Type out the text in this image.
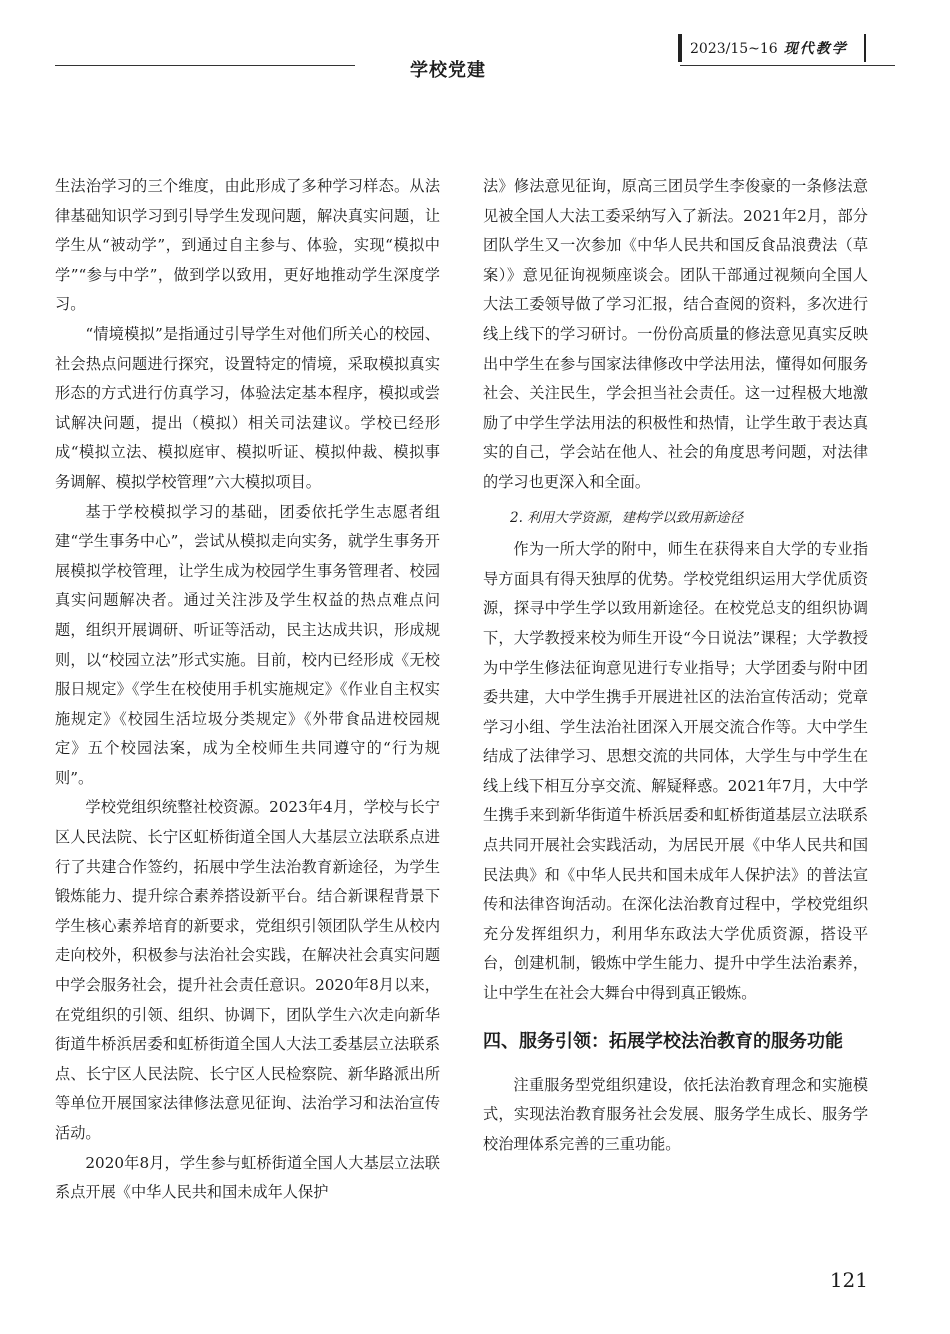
2023/15~16 现代教学
学校党建

生法治学习的三个维度，由此形成了多种学习样态。从法律基础知识学习到引导学生发现问题，解决真实问题，让学生从“被动学”，到通过自主参与、体验，实现“模拟中学”“参与中学”，做到学以致用，更好地推动学生深度学习。

“情境模拟”是指通过引导学生对他们所关心的校园、社会热点问题进行探究，设置特定的情境，采取模拟真实形态的方式进行仿真学习，体验法定基本程序，模拟或尝试解决问题，提出（模拟）相关司法建议。学校已经形成“模拟立法、模拟庭审、模拟听证、模拟仲裁、模拟事务调解、模拟学校管理”六大模拟项目。

基于学校模拟学习的基础，团委依托学生志愿者组建“学生事务中心”，尝试从模拟走向实务，就学生事务开展模拟学校管理，让学生成为校园学生事务管理者、校园真实问题解决者。通过关注涉及学生权益的热点难点问题，组织开展调研、听证等活动，民主达成共识，形成规则，以“校园立法”形式实施。目前，校内已经形成《无校服日规定》《学生在校使用手机实施规定》《作业自主权实施规定》《校园生活垃圾分类规定》《外带食品进校园规定》五个校园法案，成为全校师生共同遵守的“行为规则”。

学校党组织统整社校资源。2023年4月，学校与长宁区人民法院、长宁区虹桥街道全国人大基层立法联系点进行了共建合作签约，拓展中学生法治教育新途径，为学生锻炼能力、提升综合素养搭设新平台。结合新课程背景下学生核心素养培育的新要求，党组织引领团队学生从校内走向校外，积极参与法治社会实践，在解决社会真实问题中学会服务社会，提升社会责任意识。2020年8月以来，在党组织的引领、组织、协调下，团队学生六次走向新华街道牛桥浜居委和虹桥街道全国人大法工委基层立法联系点、长宁区人民法院、长宁区人民检察院、新华路派出所等单位开展国家法律修法意见征询、法治学习和法治宣传活动。

2020年8月，学生参与虹桥街道全国人大基层立法联系点开展《中华人民共和国未成年人保护

法》修法意见征询，原高三团员学生李俊豪的一条修法意见被全国人大法工委采纳写入了新法。2021年2月，部分团队学生又一次参加《中华人民共和国反食品浪费法（草案）》意见征询视频座谈会。团队干部通过视频向全国人大法工委领导做了学习汇报，结合查阅的资料，多次进行线上线下的学习研讨。一份份高质量的修法意见真实反映出中学生在参与国家法律修改中学法用法，懂得如何服务社会、关注民生，学会担当社会责任。这一过程极大地激励了中学生学法用法的积极性和热情，让学生敢于表达真实的自己，学会站在他人、社会的角度思考问题，对法律的学习也更深入和全面。

2. 利用大学资源，建构学以致用新途径

作为一所大学的附中，师生在获得来自大学的专业指导方面具有得天独厚的优势。学校党组织运用大学优质资源，探寻中学生学以致用新途径。在校党总支的组织协调下，大学教授来校为师生开设“今日说法”课程；大学教授为中学生修法征询意见进行专业指导；大学团委与附中团委共建，大中学生携手开展进社区的法治宣传活动；党章学习小组、学生法治社团深入开展交流合作等。大中学生结成了法律学习、思想交流的共同体，大学生与中学生在线上线下相互分享交流、解疑释惑。2021年7月，大中学生携手来到新华街道牛桥浜居委和虹桥街道基层立法联系点共同开展社会实践活动，为居民开展《中华人民共和国民法典》和《中华人民共和国未成年人保护法》的普法宣传和法律咨询活动。在深化法治教育过程中，学校党组织充分发挥组织力，利用华东政法大学优质资源，搭设平台，创建机制，锻炼中学生能力、提升中学生法治素养，让中学生在社会大舞台中得到真正锻炼。

四、服务引领：拓展学校法治教育的服务功能

注重服务型党组织建设，依托法治教育理念和实施模式，实现法治教育服务社会发展、服务学生成长、服务学校治理体系完善的三重功能。

121
